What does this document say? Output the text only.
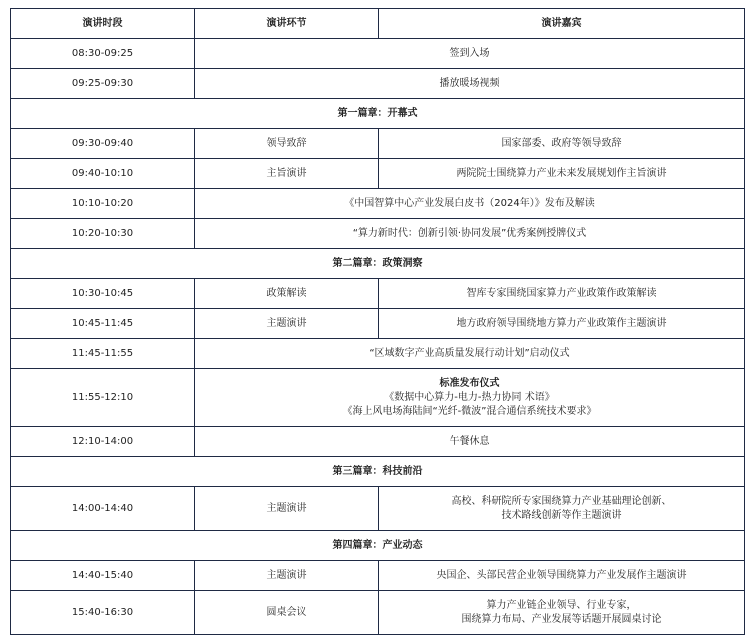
演讲时段	演讲环节	演讲嘉宾
08:30-09:25	签到入场	
09:25-09:30	播放暖场视频	
第一篇章：开幕式		
09:30-09:40	领导致辞	国家部委、政府等领导致辞
09:40-10:10	主旨演讲	两院院士围绕算力产业未来发展规划作主旨演讲
10:10-10:20	《中国智算中心产业发展白皮书（2024年）》发布及解读	
10:20-10:30	“算力新时代：创新引领·协同发展”优秀案例授牌仪式	
第二篇章：政策洞察		
10:30-10:45	政策解读	智库专家围绕国家算力产业政策作政策解读
10:45-11:45	主题演讲	地方政府领导围绕地方算力产业政策作主题演讲
11:45-11:55	“区域数字产业高质量发展行动计划”启动仪式	
11:55-12:10	标准发布仪式
《数据中心算力-电力-热力协同 术语》
《海上风电场海陆间“光纤-微波”混合通信系统技术要求》	

12:10-14:00	午餐休息	
第三篇章：科技前沿		
14:00-14:40	主题演讲	高校、科研院所专家围绕算力产业基础理论创新、
技术路线创新等作主题演讲

第四篇章：产业动态		
14:40-15:40	主题演讲	央国企、头部民营企业领导围绕算力产业发展作主题演讲
15:40-16:30	圆桌会议	算力产业链企业领导、行业专家，
围绕算力布局、产业发展等话题开展圆桌讨论
